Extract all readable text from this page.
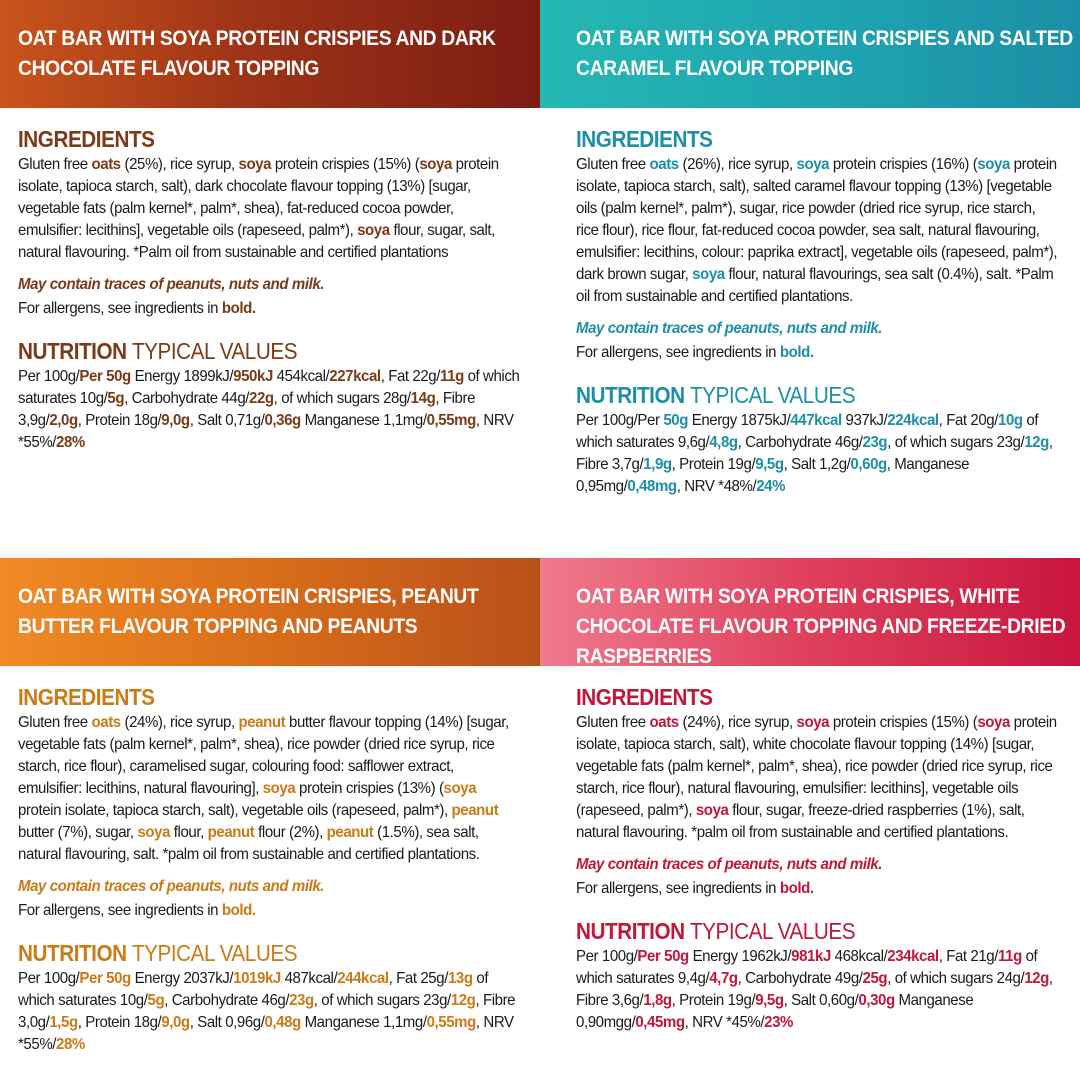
OAT BAR WITH SOYA PROTEIN CRISPIES AND DARK CHOCOLATE FLAVOUR TOPPING
INGREDIENTS

Gluten free oats (25%), rice syrup, soya protein crispies (15%) (soya protein isolate, tapioca starch, salt), dark chocolate flavour topping (13%) [sugar, vegetable fats (palm kernel*, palm*, shea), fat-reduced cocoa powder, emulsifier: lecithins], vegetable oils (rapeseed, palm*), soya flour, sugar, salt, natural flavouring. *Palm oil from sustainable and certified plantations

May contain traces of peanuts, nuts and milk.

For allergens, see ingredients in bold.

NUTRITION TYPICAL VALUES

Per 100g/Per 50g Energy 1899kJ/950kJ 454kcal/227kcal, Fat 22g/11g of which saturates 10g/5g, Carbohydrate 44g/22g, of which sugars 28g/14g, Fibre 3,9g/2,0g, Protein 18g/9,0g, Salt 0,71g/0,36g Manganese 1,1mg/0,55mg, NRV *55%/28%

OAT BAR WITH SOYA PROTEIN CRISPIES AND SALTED CARAMEL FLAVOUR TOPPING
INGREDIENTS

Gluten free oats (26%), rice syrup, soya protein crispies (16%) (soya protein isolate, tapioca starch, salt), salted caramel flavour topping (13%) [vegetable oils (palm kernel*, palm*), sugar, rice powder (dried rice syrup, rice starch, rice flour), rice flour, fat-reduced cocoa powder, sea salt, natural flavouring, emulsifier: lecithins, colour: paprika extract], vegetable oils (rapeseed, palm*), dark brown sugar, soya flour, natural flavourings, sea salt (0.4%), salt. *Palm oil from sustainable and certified plantations.

May contain traces of peanuts, nuts and milk.

For allergens, see ingredients in bold.

NUTRITION TYPICAL VALUES

Per 100g/Per 50g Energy 1875kJ/447kcal 937kJ/224kcal, Fat 20g/10g of which saturates 9,6g/4,8g, Carbohydrate 46g/23g, of which sugars 23g/12g, Fibre 3,7g/1,9g, Protein 19g/9,5g, Salt 1,2g/0,60g, Manganese 0,95mg/0,48mg, NRV *48%/24%

OAT BAR WITH SOYA PROTEIN CRISPIES, PEANUT BUTTER FLAVOUR TOPPING AND PEANUTS
INGREDIENTS

Gluten free oats (24%), rice syrup, peanut butter flavour topping (14%) [sugar, vegetable fats (palm kernel*, palm*, shea), rice powder (dried rice syrup, rice starch, rice flour), caramelised sugar, colouring food: safflower extract, emulsifier: lecithins, natural flavouring], soya protein crispies (13%) (soya protein isolate, tapioca starch, salt), vegetable oils (rapeseed, palm*), peanut butter (7%), sugar, soya flour, peanut flour (2%), peanut (1.5%), sea salt, natural flavouring, salt. *palm oil from sustainable and certified plantations.

May contain traces of peanuts, nuts and milk.

For allergens, see ingredients in bold.

NUTRITION TYPICAL VALUES

Per 100g/Per 50g Energy 2037kJ/1019kJ 487kcal/244kcal, Fat 25g/13g of which saturates 10g/5g, Carbohydrate 46g/23g, of which sugars 23g/12g, Fibre 3,0g/1,5g, Protein 18g/9,0g, Salt 0,96g/0,48g Manganese 1,1mg/0,55mg, NRV *55%/28%

OAT BAR WITH SOYA PROTEIN CRISPIES, WHITE CHOCOLATE FLAVOUR TOPPING AND FREEZE-DRIED RASPBERRIES
INGREDIENTS

Gluten free oats (24%), rice syrup, soya protein crispies (15%) (soya protein isolate, tapioca starch, salt), white chocolate flavour topping (14%) [sugar, vegetable fats (palm kernel*, palm*, shea), rice powder (dried rice syrup, rice starch, rice flour), natural flavouring, emulsifier: lecithins], vegetable oils (rapeseed, palm*), soya flour, sugar, freeze-dried raspberries (1%), salt, natural flavouring. *palm oil from sustainable and certified plantations.

May contain traces of peanuts, nuts and milk.

For allergens, see ingredients in bold.

NUTRITION TYPICAL VALUES

Per 100g/Per 50g Energy 1962kJ/981kJ 468kcal/234kcal, Fat 21g/11g of which saturates 9,4g/4,7g, Carbohydrate 49g/25g, of which sugars 24g/12g, Fibre 3,6g/1,8g, Protein 19g/9,5g, Salt 0,60g/0,30g Manganese 0,90mgg/0,45mg, NRV *45%/23%
